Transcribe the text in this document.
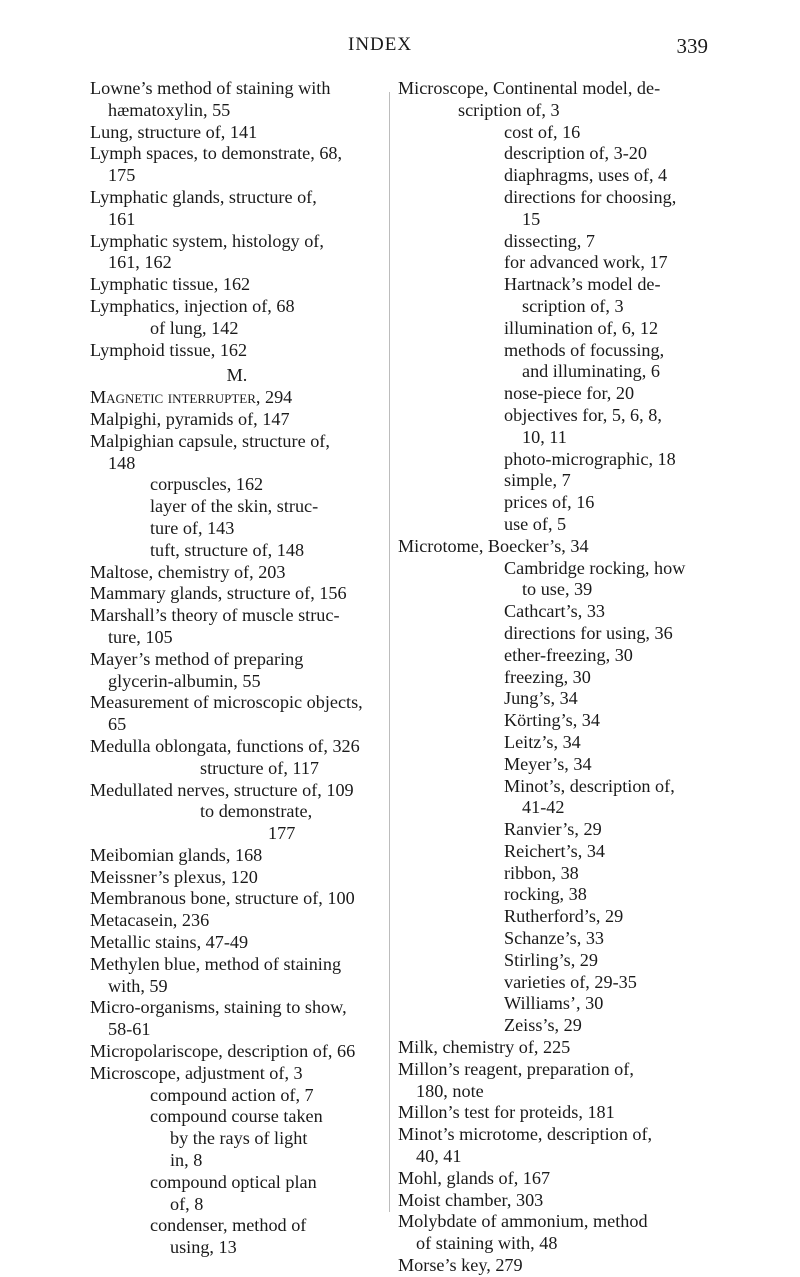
INDEX	339
Lowne’s method of staining with
hæmatoxylin, 55
Lung, structure of, 141
Lymph spaces, to demonstrate, 68,
175
Lymphatic glands, structure of,
161
Lymphatic system, histology of,
161, 162
Lymphatic tissue, 162
Lymphatics, injection of, 68
of lung, 142
Lymphoid tissue, 162
M.
Magnetic interrupter, 294
Malpighi, pyramids of, 147
Malpighian capsule, structure of,
148
corpuscles, 162
layer of the skin, struc-
ture of, 143
tuft, structure of, 148
Maltose, chemistry of, 203
Mammary glands, structure of, 156
Marshall’s theory of muscle struc-
ture, 105
Mayer’s method of preparing
glycerin-albumin, 55
Measurement of microscopic objects,
65
Medulla oblongata, functions of, 326
structure of, 117
Medullated nerves, structure of, 109
to demonstrate,
177
Meibomian glands, 168
Meissner’s plexus, 120
Membranous bone, structure of, 100
Metacasein, 236
Metallic stains, 47-49
Methylen blue, method of staining
with, 59
Micro-organisms, staining to show,
58-61
Micropolariscope, description of, 66
Microscope, adjustment of, 3
compound action of, 7
compound course taken
by the rays of light
in, 8
compound optical plan
of, 8
condenser, method of
using, 13
Microscope, Continental model, de-
scription of, 3
cost of, 16
description of, 3-20
diaphragms, uses of, 4
directions for choosing,
15
dissecting, 7
for advanced work, 17
Hartnack’s model de-
scription of, 3
illumination of, 6, 12
methods of focussing,
and illuminating, 6
nose-piece for, 20
objectives for, 5, 6, 8,
10, 11
photo-micrographic, 18
simple, 7
prices of, 16
use of, 5
Microtome, Boecker’s, 34
Cambridge rocking, how
to use, 39
Cathcart’s, 33
directions for using, 36
ether-freezing, 30
freezing, 30
Jung’s, 34
Körting’s, 34
Leitz’s, 34
Meyer’s, 34
Minot’s, description of,
41-42
Ranvier’s, 29
Reichert’s, 34
ribbon, 38
rocking, 38
Rutherford’s, 29
Schanze’s, 33
Stirling’s, 29
varieties of, 29-35
Williams’, 30
Zeiss’s, 29
Milk, chemistry of, 225
Millon’s reagent, preparation of,
180, note
Millon’s test for proteids, 181
Minot’s microtome, description of,
40, 41
Mohl, glands of, 167
Moist chamber, 303
Molybdate of ammonium, method
of staining with, 48
Morse’s key, 279
